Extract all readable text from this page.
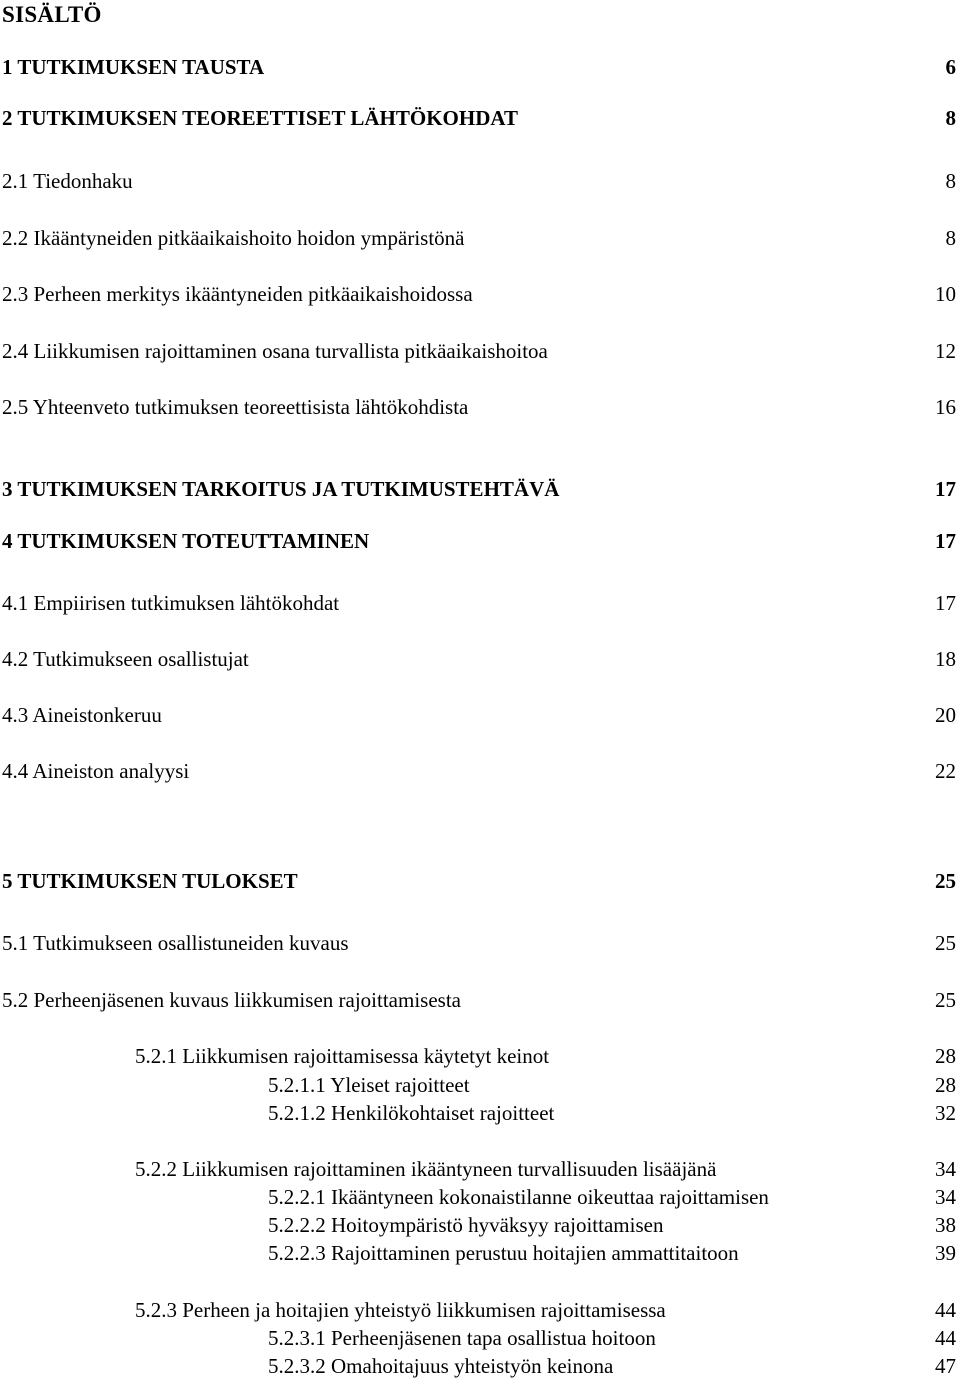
SISÄLTÖ
1 TUTKIMUKSEN TAUSTA	6
2 TUTKIMUKSEN TEOREETTISET LÄHTÖKOHDAT	8
2.1 Tiedonhaku	8
2.2 Ikääntyneiden pitkäaikaishoito hoidon ympäristönä	8
2.3 Perheen merkitys ikääntyneiden pitkäaikaishoidossa	10
2.4 Liikkumisen rajoittaminen osana turvallista pitkäaikaishoitoa	12
2.5 Yhteenveto tutkimuksen teoreettisista lähtökohdista	16
3 TUTKIMUKSEN TARKOITUS JA TUTKIMUSTEHTÄVÄ	17
4 TUTKIMUKSEN TOTEUTTAMINEN	17
4.1 Empiirisen tutkimuksen lähtökohdat	17
4.2 Tutkimukseen osallistujat	18
4.3 Aineistonkeruu	20
4.4 Aineiston analyysi	22
5 TUTKIMUKSEN TULOKSET	25
5.1 Tutkimukseen osallistuneiden kuvaus	25
5.2 Perheenjäsenen kuvaus liikkumisen rajoittamisesta	25
5.2.1 Liikkumisen rajoittamisessa käytetyt keinot	28
5.2.1.1 Yleiset rajoitteet	28
5.2.1.2 Henkilökohtaiset rajoitteet	32
5.2.2 Liikkumisen rajoittaminen ikääntyneen turvallisuuden lisääjänä	34
5.2.2.1 Ikääntyneen kokonaistilanne oikeuttaa rajoittamisen	34
5.2.2.2 Hoitoympäristö hyväksyy rajoittamisen	38
5.2.2.3 Rajoittaminen perustuu hoitajien ammattitaitoon	39
5.2.3 Perheen ja hoitajien yhteistyö liikkumisen rajoittamisessa	44
5.2.3.1 Perheenjäsenen tapa osallistua hoitoon	44
5.2.3.2 Omahoitajuus yhteistyön keinona	47
